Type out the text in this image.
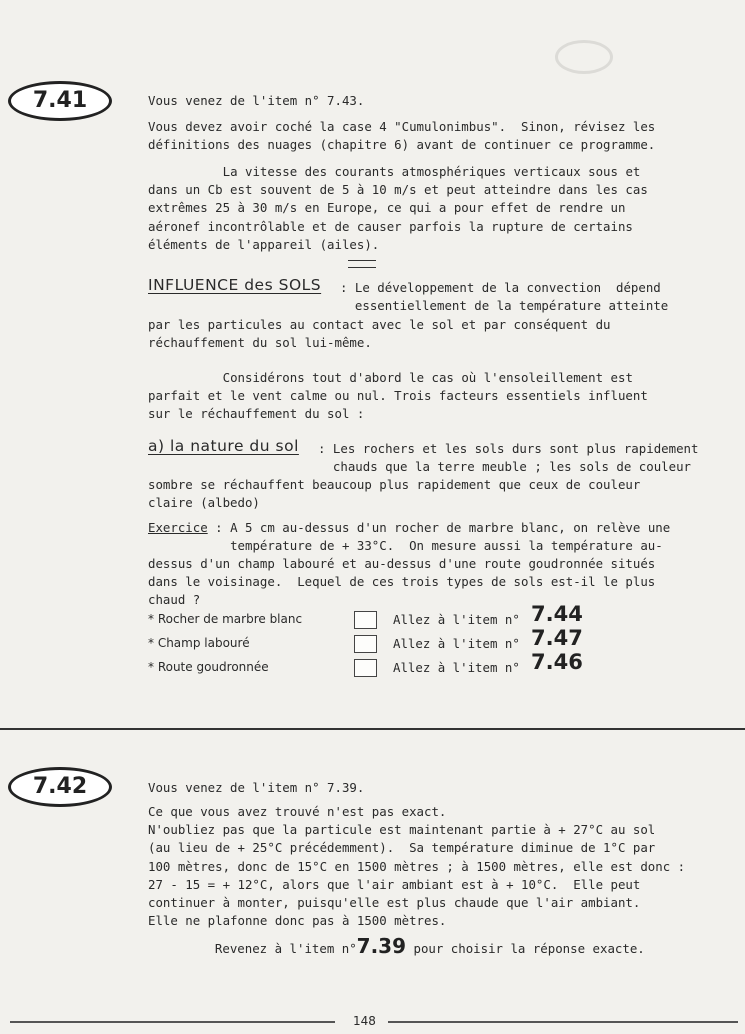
7.41	Vous venez de l'item n° 7.43.

Vous devez avoir coché la case 4 "Cumulonimbus".  Sinon, révisez les
définitions des nuages (chapitre 6) avant de continuer ce programme.

La vitesse des courants atmosphériques verticaux sous et
dans un Cb est souvent de 5 à 10 m/s et peut atteindre dans les cas
extrêmes 25 à 30 m/s en Europe, ce qui a pour effet de rendre un
aéronef incontrôlable et de causer parfois la rupture de certains
éléments de l'appareil (ailes).

INFLUENCE des SOLS : Le développement de la convection  dépend
essentiellement de la température atteinte

par les particules au contact avec le sol et par conséquent du
réchauffement du sol lui-même.

Considérons tout d'abord le cas où l'ensoleillement est
parfait et le vent calme ou nul. Trois facteurs essentiels influent
sur le réchauffement du sol :

a) la nature du sol : Les rochers et les sols durs sont plus rapidement
chauds que la terre meuble ; les sols de couleur

sombre se réchauffent beaucoup plus rapidement que ceux de couleur
claire (albedo)

Exercice : A 5 cm au-dessus d'un rocher de marbre blanc, on relève une
température de + 33°C.  On mesure aussi la température au-

dessus d'un champ labouré et au-dessus d'une route goudronnée situés
dans le voisinage.  Lequel de ces trois types de sols est-il le plus
chaud ?

* Rocher de marbre blanc	Allez à l'item n° 7.44
* Champ labouré	Allez à l'item n° 7.47
* Route goudronnée	Allez à l'item n° 7.46
7.42	Vous venez de l'item n° 7.39.

Ce que vous avez trouvé n'est pas exact.
N'oubliez pas que la particule est maintenant partie à + 27°C au sol
(au lieu de + 25°C précédemment).  Sa température diminue de 1°C par
100 mètres, donc de 15°C en 1500 mètres ; à 1500 mètres, elle est donc :
27 - 15 = + 12°C, alors que l'air ambiant est à + 10°C.  Elle peut
continuer à monter, puisqu'elle est plus chaude que l'air ambiant.
Elle ne plafonne donc pas à 1500 mètres.

Revenez à l'item n°7.39 pour choisir la réponse exacte.

148
